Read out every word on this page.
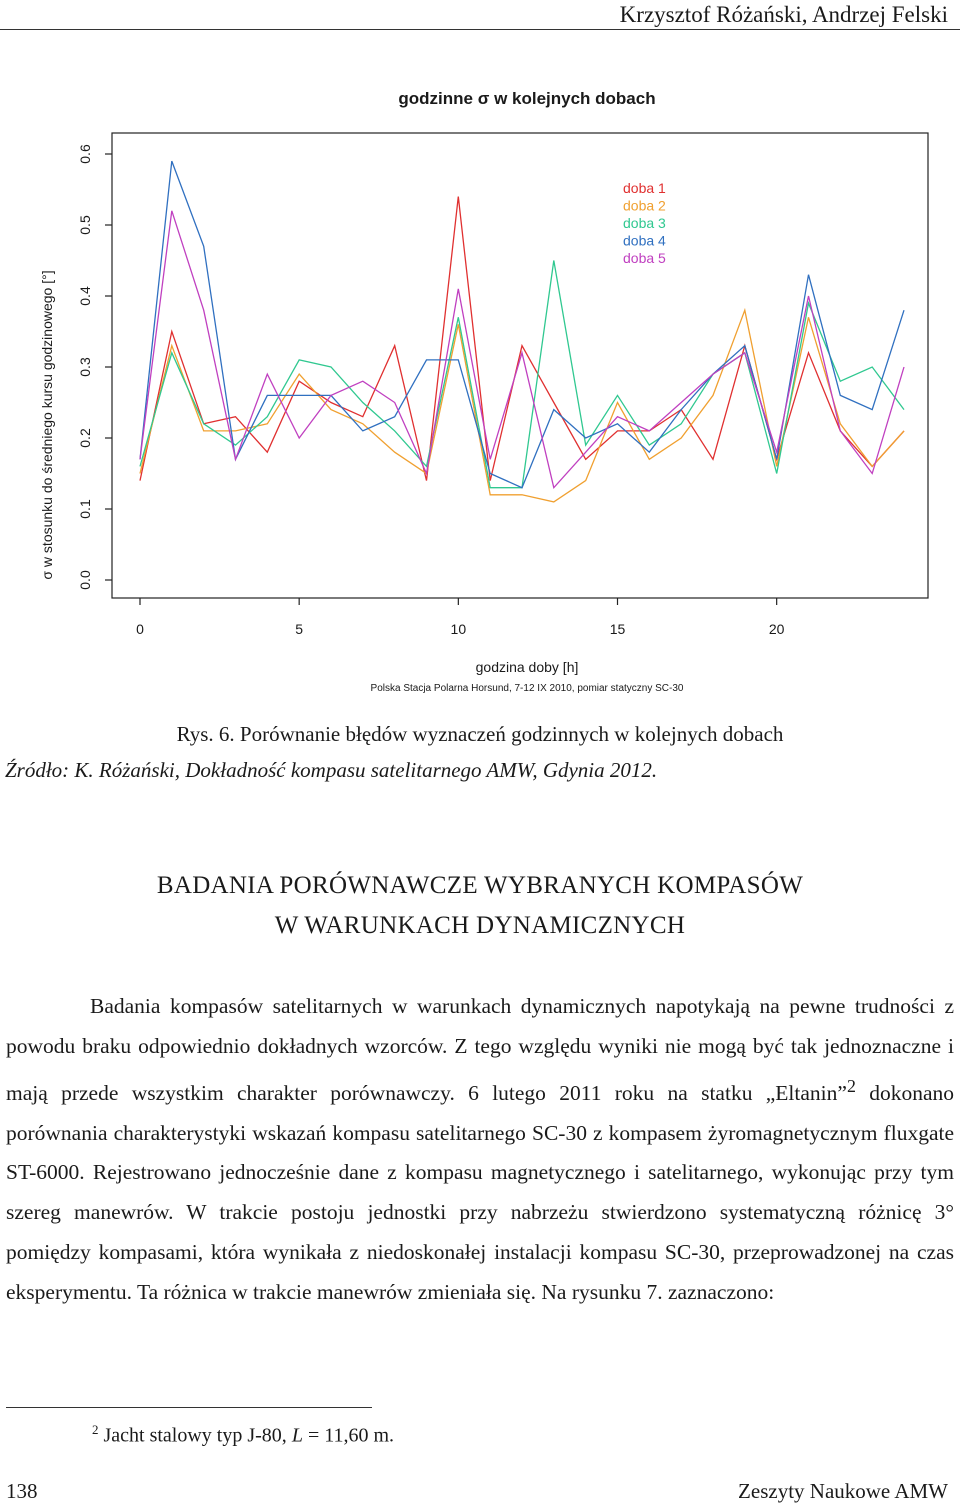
Krzysztof Różański, Andrzej Felski
godzinne σ w kolejnych dobach
0.0
0.1
0.2
0.3
0.4
0.5
0.6
0	5	10	15	20
doba 1
doba 2
doba 3
doba 4
doba 5
godzina doby [h]
σ w stosunku do średniego kursu godzinowego [°]
Polska Stacja Polarna Horsund, 7-12 IX 2010, pomiar statyczny SC-30
Rys. 6. Porównanie błędów wyznaczeń godzinnych w kolejnych dobach
Źródło: K. Różański, Dokładność kompasu satelitarnego AMW, Gdynia 2012.
BADANIA PORÓWNAWCZE WYBRANYCH KOMPASÓW
W WARUNKACH DYNAMICZNYCH
Badania kompasów satelitarnych w warunkach dynamicznych napotykają na pewne trudności z powodu braku odpowiednio dokładnych wzorców. Z tego względu wyniki nie mogą być tak jednoznaczne i mają przede wszystkim charakter porównawczy. 6 lutego 2011 roku na statku „Eltanin”$^2$ dokonano porównania charakterystyki wskazań kompasu satelitarnego SC-30 z kompasem żyromagnetycznym fluxgate ST-6000. Rejestrowano jednocześnie dane z kompasu magnetycznego i satelitarnego, wykonując przy tym szereg manewrów. W trakcie postoju jednostki przy nabrzeżu stwierdzono systematyczną różnicę 3° pomiędzy kompasami, która wynikała z niedoskonałej instalacji kompasu SC-30, przeprowadzonej na czas eksperymentu. Ta różnica w trakcie manewrów zmieniała się. Na rysunku 7. zaznaczono:
$^2$ Jacht stalowy typ J-80, L = 11,60 m.
138	Zeszyty Naukowe AMW
